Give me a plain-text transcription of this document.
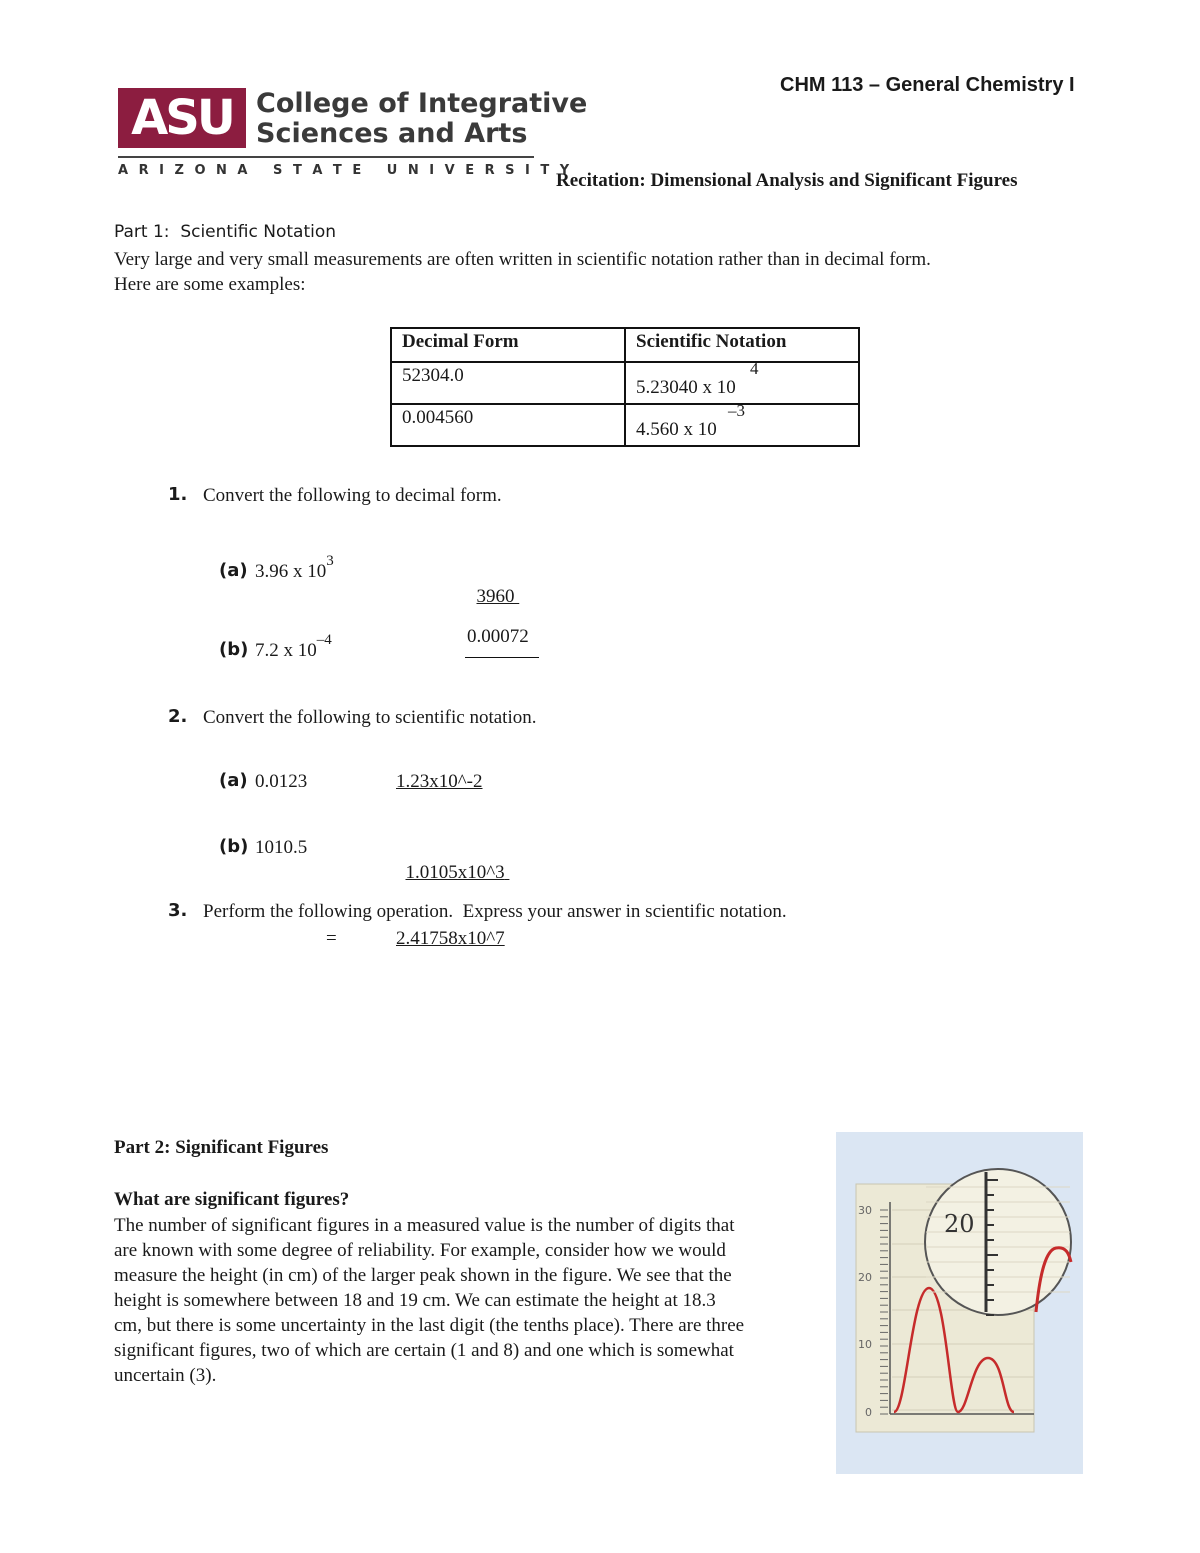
ASU College of Integrative
Sciences and Arts
A R I Z O N A   S T A T E   U N I V E R S I T Y
CHM 113 – General Chemistry I
Recitation: Dimensional Analysis and Significant Figures
Part 1:  Scientific Notation
Very large and very small measurements are often written in scientific notation rather than in decimal form.
Here are some examples:
Decimal Form	Scientific Notation
52304.0	5.23040 x 10
4

0.004560	4.560 x 10
–3
1. Convert the following to decimal form.
(a) 3.96 x $10^3$

3960

(b) 7.2 x $10^{-4}$	0.00072
2. Convert the following to scientific notation.
(a) 0.0123	1.23x10^-2
(b) 1010.5

1.0105x10^3

3. Perform the following operation.  Express your answer in scientific notation.
=	2.41758x10^7
Part 2: Significant Figures
What are significant figures?
The number of significant figures in a measured value is the number of digits that
are known with some degree of reliability. For example, consider how we would
measure the height (in cm) of the larger peak shown in the figure. We see that the
height is somewhere between 18 and 19 cm. We can estimate the height at 18.3
cm, but there is some uncertainty in the last digit (the tenths place). There are three
significant figures, two of which are certain (1 and 8) and one which is somewhat
uncertain (3).
30
20
10
0
20
